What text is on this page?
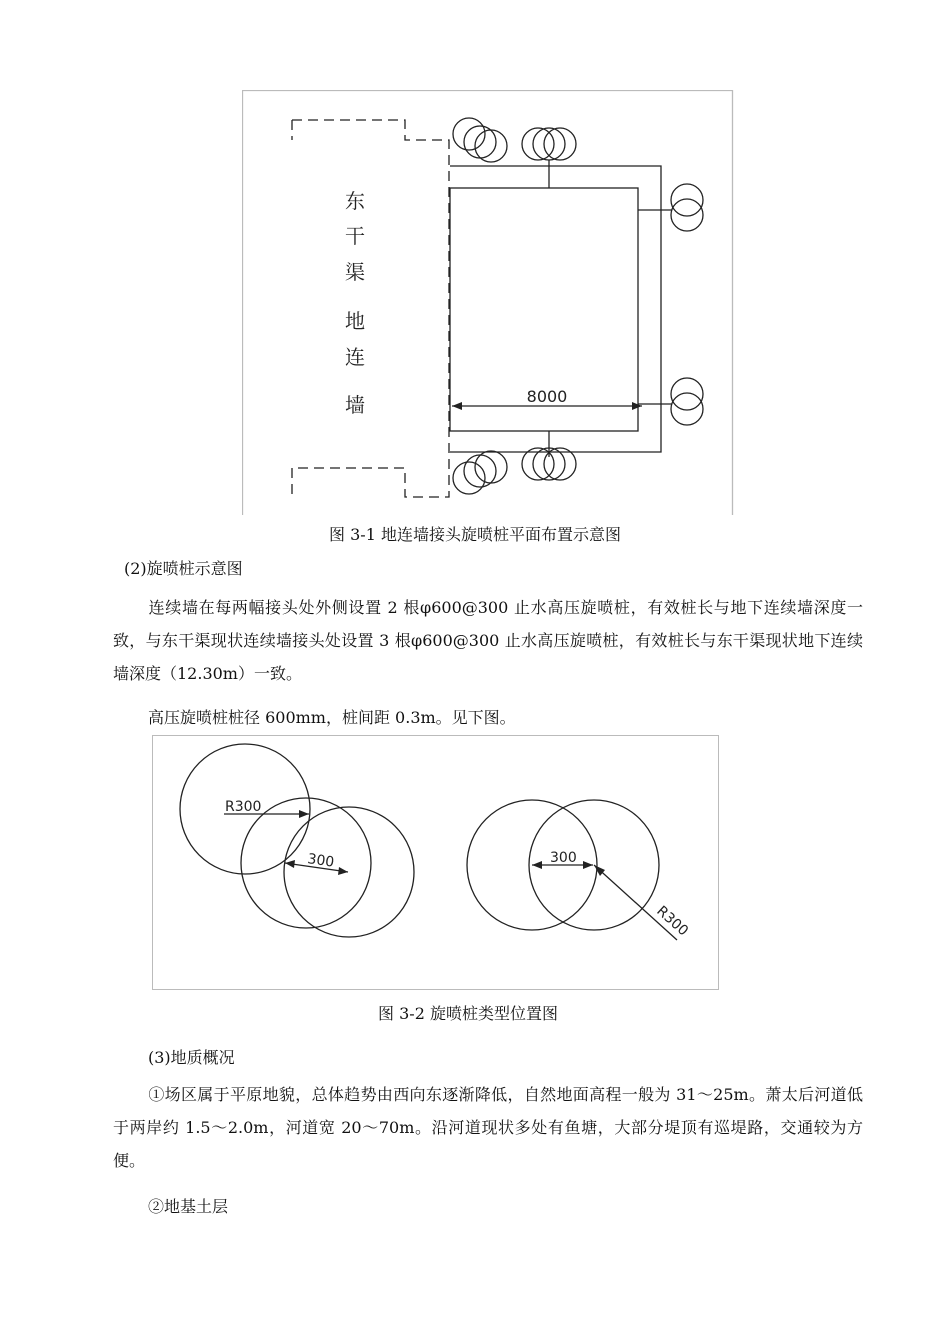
8000
东
干
渠
地
连
墙
图 3-1 地连墙接头旋喷桩平面布置示意图
(2)旋喷桩示意图
连续墙在每两幅接头处外侧设置 2 根φ600@300 止水高压旋喷桩，有效桩长与地下连续墙深度一致，与东干渠现状连续墙接头处设置 3 根φ600@300 止水高压旋喷桩，有效桩长与东干渠现状地下连续墙深度（12.30m）一致。
高压旋喷桩桩径 600mm，桩间距 0.3m。见下图。
R300
300	300
R300
图 3-2 旋喷桩类型位置图
(3)地质概况
①场区属于平原地貌，总体趋势由西向东逐渐降低，自然地面高程一般为 31～25m。萧太后河道低于两岸约 1.5～2.0m，河道宽 20～70m。沿河道现状多处有鱼塘，大部分堤顶有巡堤路，交通较为方便。
②地基土层
